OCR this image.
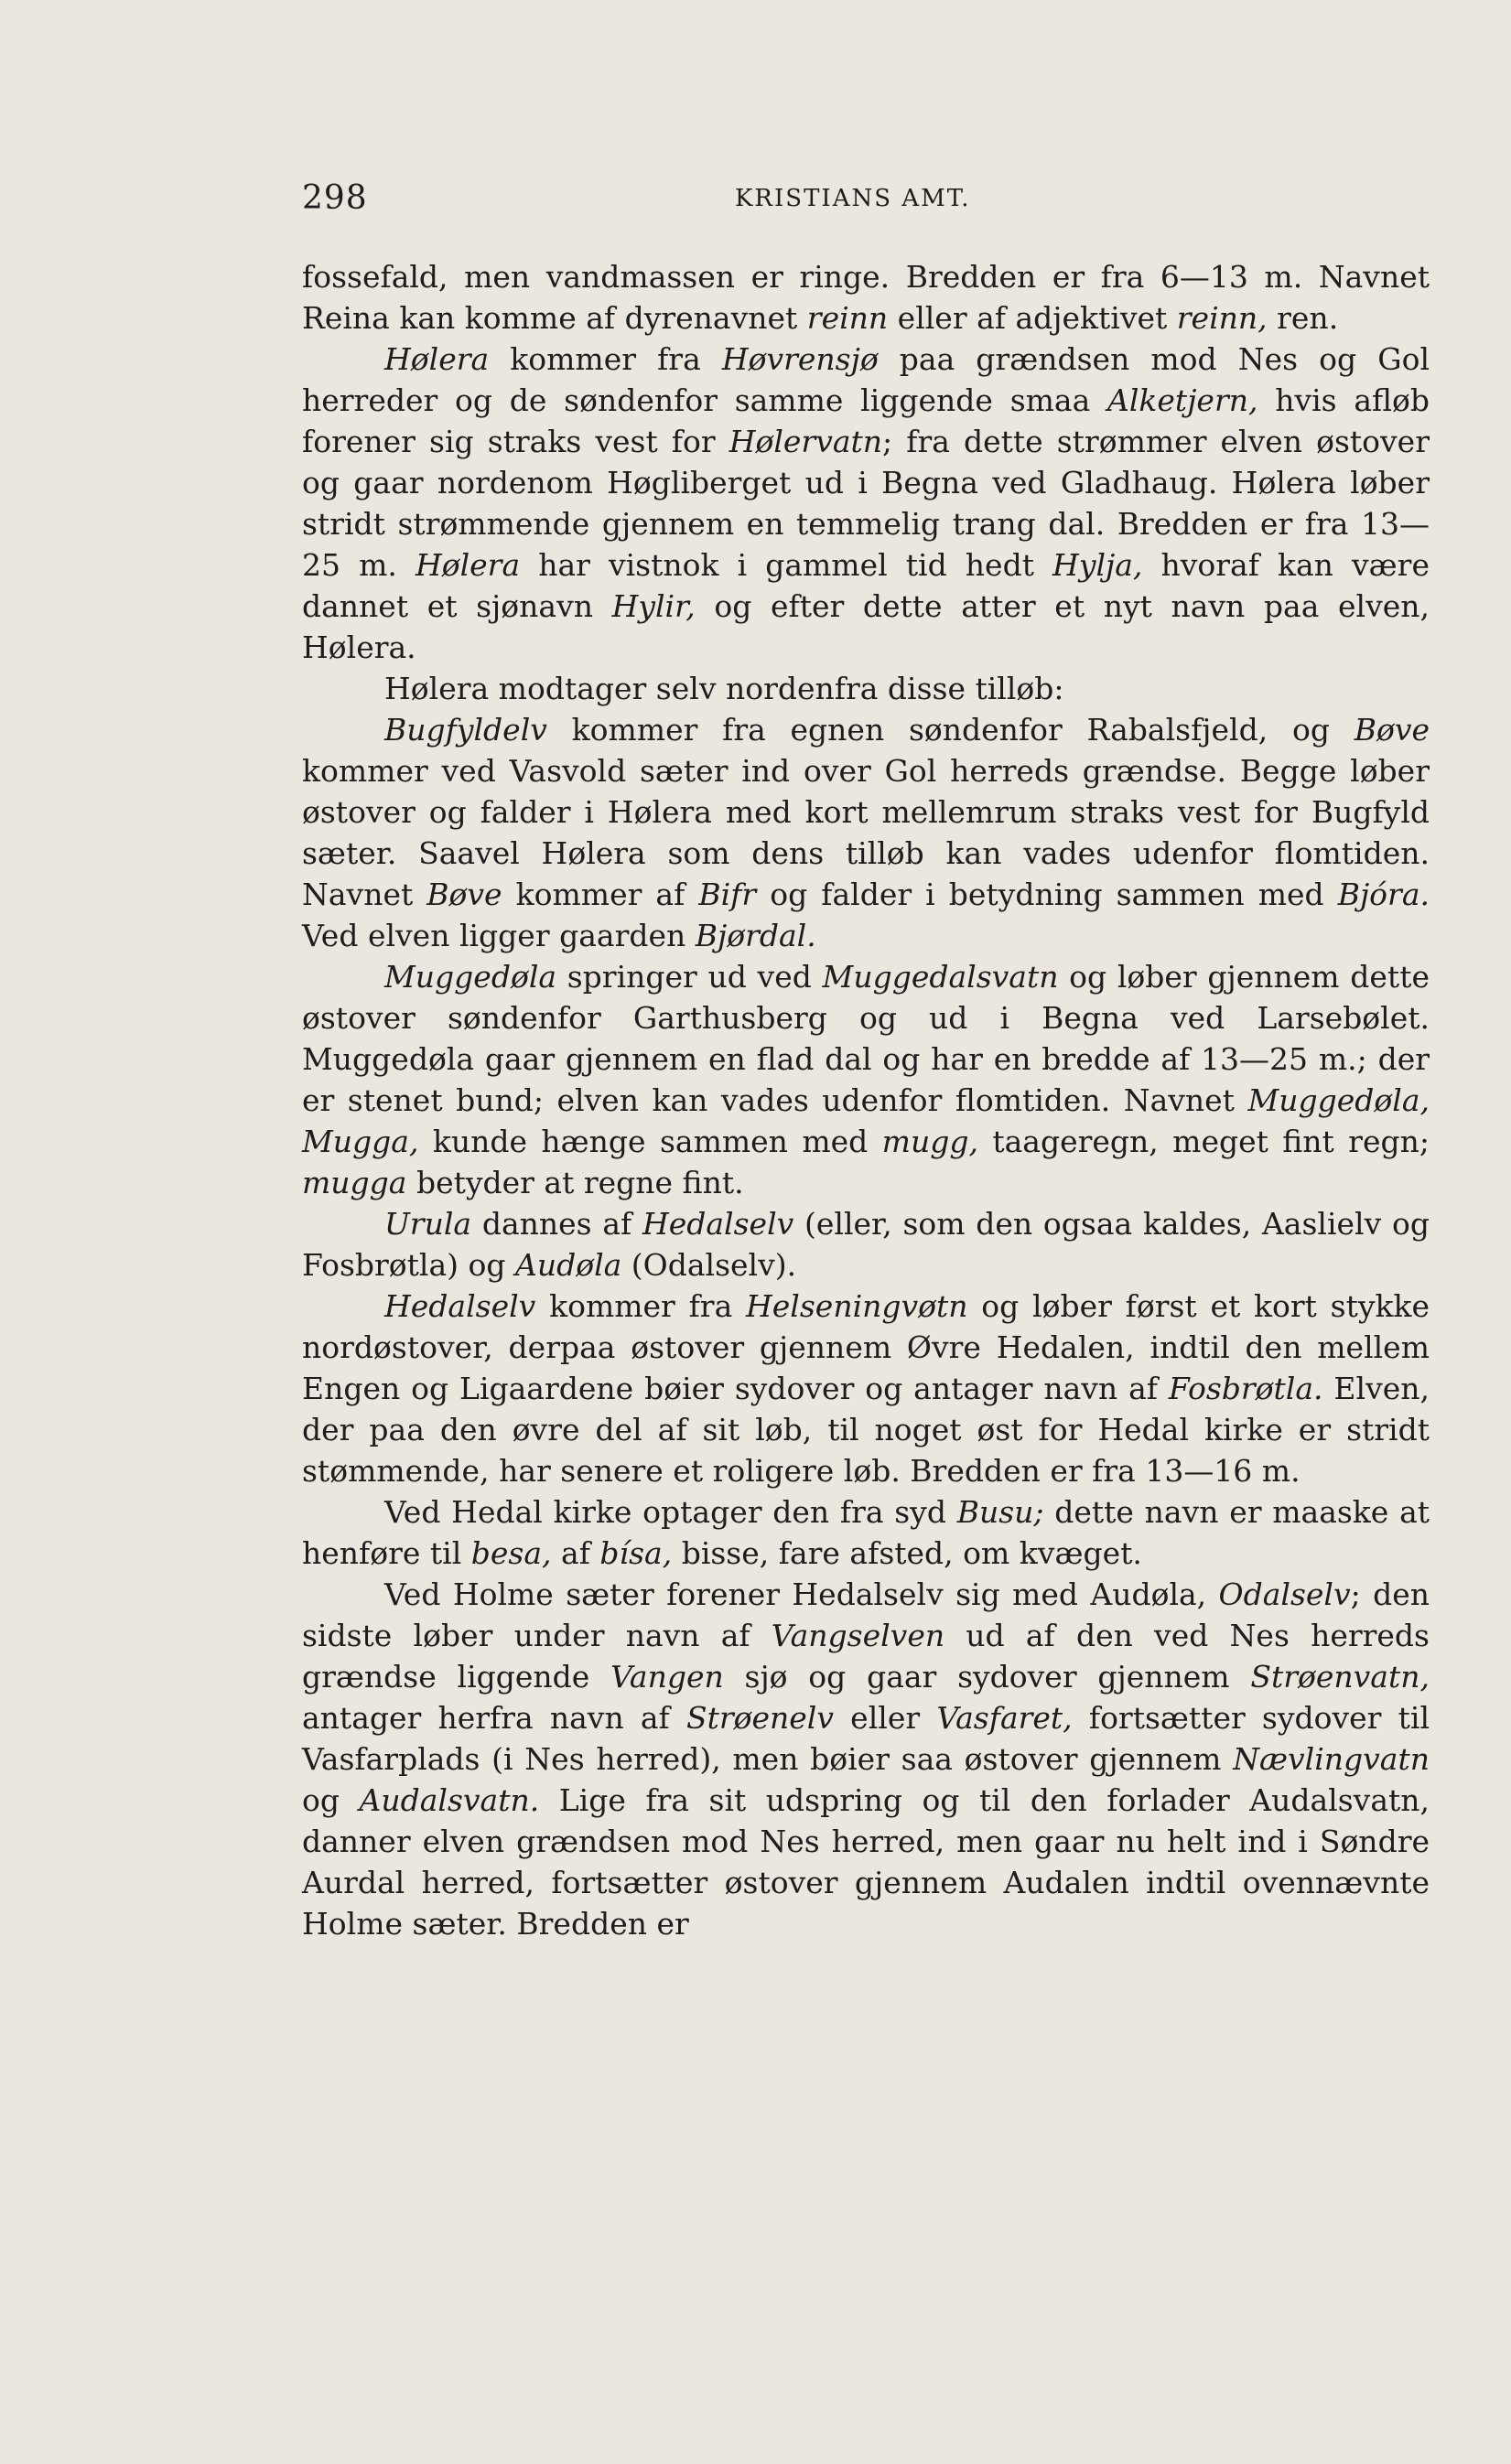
298	KRISTIANS AMT.

fossefald, men vandmassen er ringe. Bredden er fra 6—13 m. Navnet Reina kan komme af dyrenavnet reinn eller af adjektivet reinn, ren.

Hølera kommer fra Høvrensjø paa grændsen mod Nes og Gol herreder og de søndenfor samme liggende smaa Alketjern, hvis afløb forener sig straks vest for Hølervatn; fra dette strømmer elven østover og gaar nordenom Høgliberget ud i Begna ved Gladhaug. Hølera løber stridt strømmende gjennem en temmelig trang dal. Bredden er fra 13—25 m. Hølera har vistnok i gammel tid hedt Hylja, hvoraf kan være dannet et sjønavn Hylir, og efter dette atter et nyt navn paa elven, Hølera.

Hølera modtager selv nordenfra disse tilløb:

Bugfyldelv kommer fra egnen søndenfor Rabalsfjeld, og Bøve kommer ved Vasvold sæter ind over Gol herreds grændse. Begge løber østover og falder i Hølera med kort mellemrum straks vest for Bugfyld sæter. Saavel Hølera som dens tilløb kan vades udenfor flomtiden. Navnet Bøve kommer af Bifr og falder i betydning sammen med Bjóra. Ved elven ligger gaarden Bjørdal.

Muggedøla springer ud ved Muggedalsvatn og løber gjennem dette østover søndenfor Garthusberg og ud i Begna ved Larsebølet. Muggedøla gaar gjennem en flad dal og har en bredde af 13—25 m.; der er stenet bund; elven kan vades udenfor flomtiden. Navnet Muggedøla, Mugga, kunde hænge sammen med mugg, taageregn, meget fint regn; mugga betyder at regne fint.

Urula dannes af Hedalselv (eller, som den ogsaa kaldes, Aaslielv og Fosbrøtla) og Audøla (Odalselv).

Hedalselv kommer fra Helseningvøtn og løber først et kort stykke nordøstover, derpaa østover gjennem Øvre Hedalen, indtil den mellem Engen og Ligaardene bøier sydover og antager navn af Fosbrøtla. Elven, der paa den øvre del af sit løb, til noget øst for Hedal kirke er stridt stømmende, har senere et roligere løb. Bredden er fra 13—16 m.

Ved Hedal kirke optager den fra syd Busu; dette navn er maaske at henføre til besa, af bísa, bisse, fare afsted, om kvæget.

Ved Holme sæter forener Hedalselv sig med Audøla, Odalselv; den sidste løber under navn af Vangselven ud af den ved Nes herreds grændse liggende Vangen sjø og gaar sydover gjennem Strøenvatn, antager herfra navn af Strøenelv eller Vasfaret, fortsætter sydover til Vasfarplads (i Nes herred), men bøier saa østover gjennem Nævlingvatn og Audalsvatn. Lige fra sit udspring og til den forlader Audalsvatn, danner elven grændsen mod Nes herred, men gaar nu helt ind i Søndre Aurdal herred, fortsætter østover gjennem Audalen indtil ovennævnte Holme sæter. Bredden er
